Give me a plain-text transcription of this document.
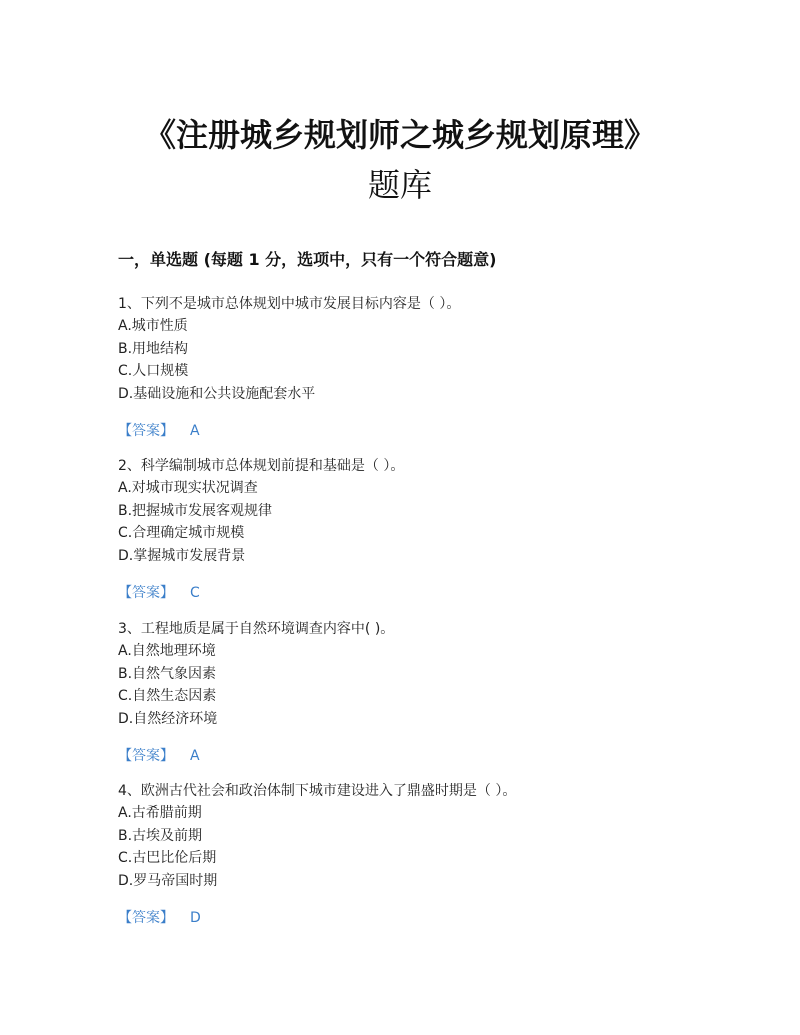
《注册城乡规划师之城乡规划原理》
题库
一，单选题 (每题 1 分，选项中，只有一个符合题意)
1、下列不是城市总体规划中城市发展目标内容是（ ）。
A.城市性质
B.用地结构
C.人口规模
D.基础设施和公共设施配套水平
【答案】 A
2、科学编制城市总体规划前提和基础是（ ）。
A.对城市现实状况调查
B.把握城市发展客观规律
C.合理确定城市规模
D.掌握城市发展背景
【答案】 C
3、工程地质是属于自然环境调查内容中( )。
A.自然地理环境
B.自然气象因素
C.自然生态因素
D.自然经济环境
【答案】 A
4、欧洲古代社会和政治体制下城市建设进入了鼎盛时期是（ ）。
A.古希腊前期
B.古埃及前期
C.古巴比伦后期
D.罗马帝国时期
【答案】 D
